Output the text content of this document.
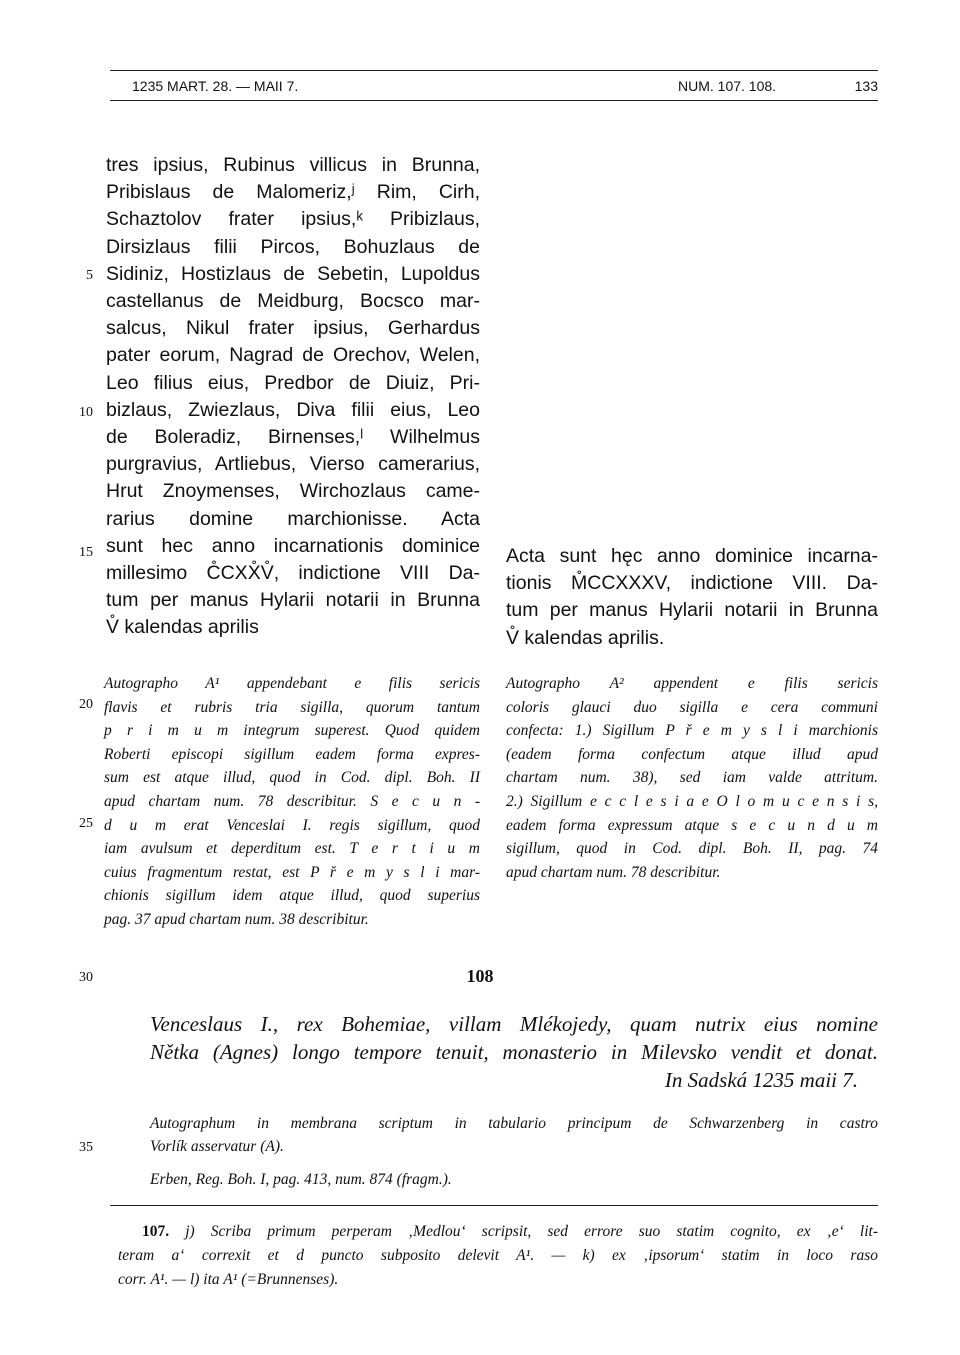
1235 MART. 28. — MAII 7.	NUM. 107. 108.	133
tres ipsius, Rubinus villicus in Brunna,
Pribislaus de Malomeriz,ʲ Rim, Cirh,
Schaztolov frater ipsius,ᵏ Pribizlaus,
Dirsizlaus filii Pircos, Bohuzlaus de
Sidiniz, Hostizlaus de Sebetin, Lupoldus
castellanus de Meidburg, Bocsco mar-
salcus, Nikul frater ipsius, Gerhardus
pater eorum, Nagrad de Orechov, Welen,
Leo filius eius, Predbor de Diuiz, Pri-
bizlaus, Zwiezlaus, Diva filii eius, Leo
de Boleradiz, Birnenses,ˡ Wilhelmus
purgravius, Artliebus, Vierso camerarius,
Hrut Znoymenses, Wirchozlaus came-
rarius domine marchionisse. Acta
sunt hec anno incarnationis dominice
millesimo C̊CXX̊V̊, indictione VIII Da-
tum per manus Hylarii notarii in Brunna
V̊ kalendas aprilis
Acta sunt hęc anno dominice incarna-
tionis M̊CCXXXV, indictione VIII. Da-
tum per manus Hylarii notarii in Brunna
V̊ kalendas aprilis.
Autographo A¹ appendebant e filis sericis
flavis et rubris tria sigilla, quorum tantum
p r i m u m integrum superest. Quod quidem
Roberti episcopi sigillum eadem forma expres-
sum est atque illud, quod in Cod. dipl. Boh. II
apud chartam num. 78 describitur. S e c u n -
d u m erat Venceslai I. regis sigillum, quod
iam avulsum et deperditum est. T e r t i u m
cuius fragmentum restat, est P ř e m y s l i mar-
chionis sigillum idem atque illud, quod superius
pag. 37 apud chartam num. 38 describitur.
Autographo A² appendent e filis sericis
coloris glauci duo sigilla e cera communi
confecta: 1.) Sigillum P ř e m y s l i marchionis
(eadem forma confectum atque illud apud
chartam num. 38), sed iam valde attritum.
2.) Sigillum e c c l e s i a e O l o m u c e n s i s,
eadem forma expressum atque s e c u n d u m
sigillum, quod in Cod. dipl. Boh. II, pag. 74
apud chartam num. 78 describitur.
5
10
15
20
25
30
35
108
Venceslaus I., rex Bohemiae, villam Mlékojedy, quam nutrix eius nomine
Nětka (Agnes) longo tempore tenuit, monasterio in Milevsko vendit et donat.
In Sadská 1235 maii 7.
Autographum in membrana scriptum in tabulario principum de Schwarzenberg in castro
Vorlík asservatur (A).
Erben, Reg. Boh. I, pag. 413, num. 874 (fragm.).
107. j) Scriba primum perperam ‚Medlou‘ scripsit, sed errore suo statim cognito, ex ‚e‘ lit-
teram a‘ correxit et d puncto subposito delevit A¹. — k) ex ‚ipsorum‘ statim in loco raso
corr. A¹. — l) ita A¹ (=Brunnenses).
